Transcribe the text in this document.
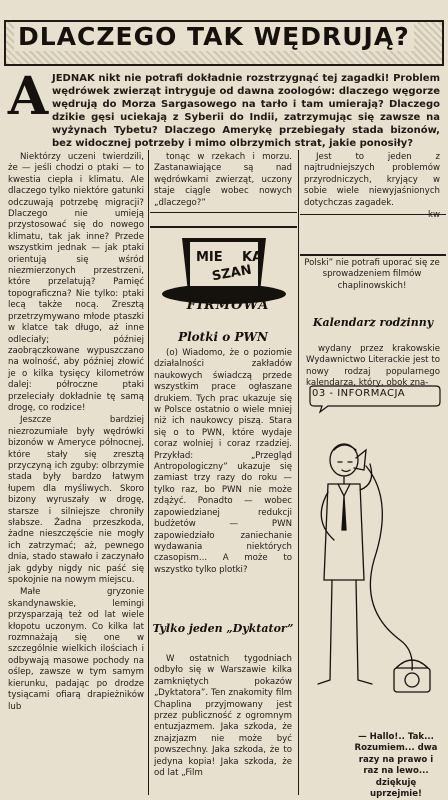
DLACZEGO TAK WĘDRUJĄ?
A JEDNAK nikt nie potrafi dokładnie rozstrzygnąć tej zagadki! Problem wędrówek zwierząt intryguje od dawna zoologów: dlaczego węgorze wędrują do Morza Sargasowego na tarło i tam umierają? Dlaczego dzikie gęsi uciekają z Syberii do Indii, zatrzymując się zawsze na wyżynach Tybetu? Dlaczego Amerykę przebiegały stada bizonów, bez widocznej potrzeby i mimo olbrzymich strat, jakie ponosiły?

Niektórzy uczeni twierdzili, że — jeśli chodzi o ptaki — to kwestia ciepła i klimatu. Ale dlaczego tylko niektóre gatunki odczuwają potrzebę migracji? Dlaczego nie umieją przystosować się do nowego klimatu, tak jak inne? Przede wszystkim jednak — jak ptaki orientują się wśród niezmierzonych przestrzeni, które przelatują? Pamięć topograficzna? Nie tylko: ptaki lecą także nocą. Zresztą przetrzymywano młode ptaszki w klatce tak długo, aż inne odleciały; później zaobrączkowane wypuszczano na wolność, aby później złowić je o kilka tysięcy kilometrów dalej: półroczne ptaki przeleciały dokładnie tę samą drogę, co rodzice!

Jeszcze bardziej niezrozumiałe były wędrówki bizonów w Ameryce północnej, które stały się zresztą przyczyną ich zguby: olbrzymie stada były bardzo łatwym łupem dla myśliwych. Skoro bizony wyruszały w drogę, starsze i silniejsze chroniły słabsze. Żadna przeszkoda, żadne nieszczęście nie mogły ich zatrzymać; aż, pewnego dnia, stado stawało i zaczynało jak gdyby nigdy nic paść się spokojnie na nowym miejscu.

Małe gryzonie skandynawskie, lemingi przysparzają też od lat wiele kłopotu uczonym. Co kilka lat rozmnażają się one w szczególnie wielkich ilościach i odbywają masowe pochody na oślep, zawsze w tym samym kierunku, padając po drodze tysiącami ofiarą drapieżników lub

tonąc w rzekach i morzu. Zastanawiające są nad wędrówkami zwierząt, uczony staje ciągle wobec nowych „dlaczego?”

Jest to jeden z najtrudniejszych problemów przyrodniczych, kryjący w sobie wiele niewyjaśnionych dotychczas zagadek.

kw

MIE
SZAN
KA
FIRMOWA
Plotki o PWN

(o) Wiadomo, że o poziomie działalności zakładów naukowych świadczą przede wszystkim prace ogłaszane drukiem. Tych prac ukazuje się w Polsce ostatnio o wiele mniej niż ich naukowcy piszą. Stara się o to PWN, które wydaje coraz wolniej i coraz rzadziej. Przykład: „Przegląd Antropologiczny” ukazuje się zamiast trzy razy do roku — tylko raz, bo PWN nie może zdążyć. Ponadto — wobec zapowiedzianej redukcji budżetów — PWN zapowiedziało zaniechanie wydawania niektórych czasopism... A może to wszystko tylko plotki?

Tylko jeden „Dyktator”

W ostatnich tygodniach odbyło się w Warszawie kilka zamkniętych pokazów „Dyktatora”. Ten znakomity film Chaplina przyjmowany jest przez publiczność z ogromnym entuzjazmem. Jaka szkoda, że znajzjazm nie może być powszechny. Jaka szkoda, że to jedyna kopia! Jaka szkoda, że od lat „Film

Polski” nie potrafi uporać się ze sprowadzeniem filmów chaplinowskich!

Kalendarz rodzinny

wydany przez krakowskie Wydawnictwo Literackie jest to nowy rodzaj popularnego kalendarza, który, obok zna-

03 - INFORMACJA
— Hallo!.. Tak... Rozumiem... dwa razy na prawo i raz na lewo... dziękuję uprzejmie!
